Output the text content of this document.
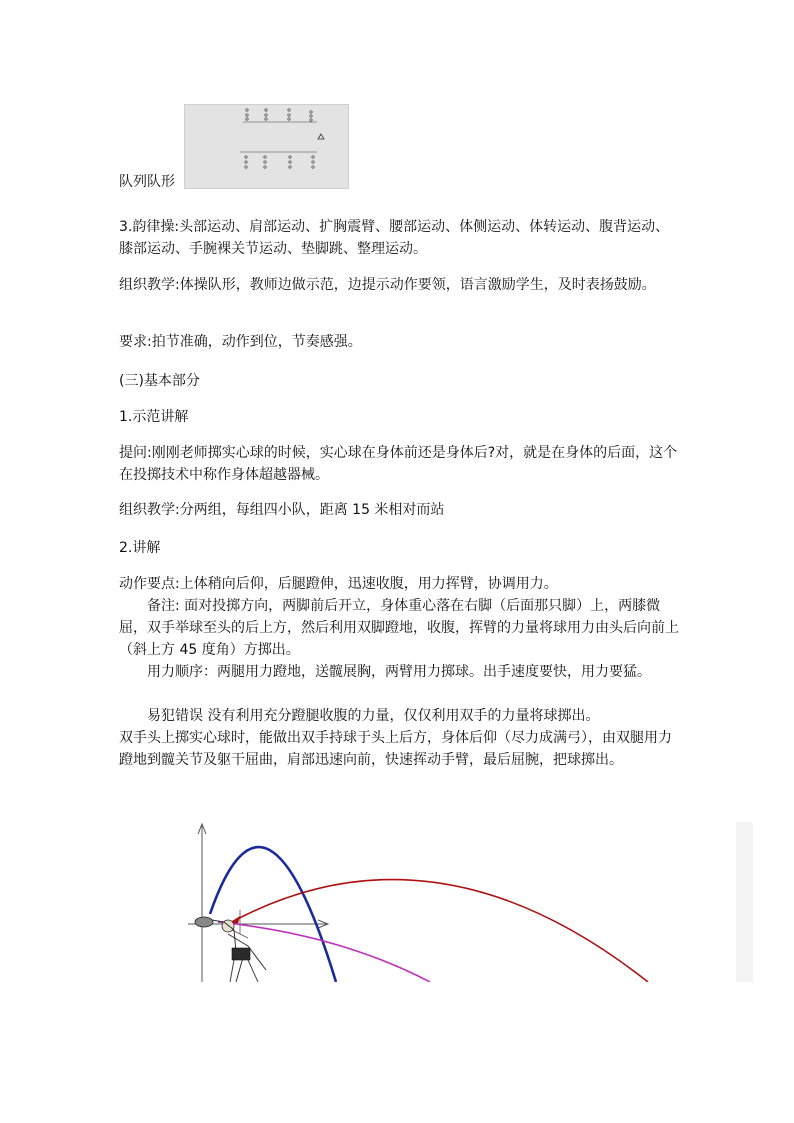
队列队形
3.韵律操:头部运动、肩部运动、扩胸震臂、腰部运动、体侧运动、体转运动、腹背运动、膝部运动、手腕裸关节运动、垫脚跳、整理运动。
组织教学:体操队形，教师边做示范，边提示动作要领，语言激励学生，及时表扬鼓励。
要求:拍节准确，动作到位，节奏感强。
(三)基本部分
1.示范讲解
提问:刚刚老师掷实心球的时候，实心球在身体前还是身体后?对，就是在身体的后面，这个在投掷技术中称作身体超越器械。
组织教学:分两组，每组四小队，距离 15 米相对而站
2.讲解
动作要点:上体稍向后仰，后腿蹬伸，迅速收腹，用力挥臂，协调用力。
备注: 面对投掷方向，两脚前后开立，身体重心落在右脚（后面那只脚）上，两膝微屈，双手举球至头的后上方，然后利用双脚蹬地，收腹，挥臂的力量将球用力由头后向前上（斜上方 45 度角）方掷出。
用力顺序：两腿用力蹬地，送髋展胸，两臂用力掷球。出手速度要快，用力要猛。
易犯错误 没有利用充分蹬腿收腹的力量，仅仅利用双手的力量将球掷出。
双手头上掷实心球时，能做出双手持球于头上后方，身体后仰（尽力成满弓），由双腿用力蹬地到髋关节及躯干屈曲，肩部迅速向前，快速挥动手臂，最后屈腕，把球掷出。
